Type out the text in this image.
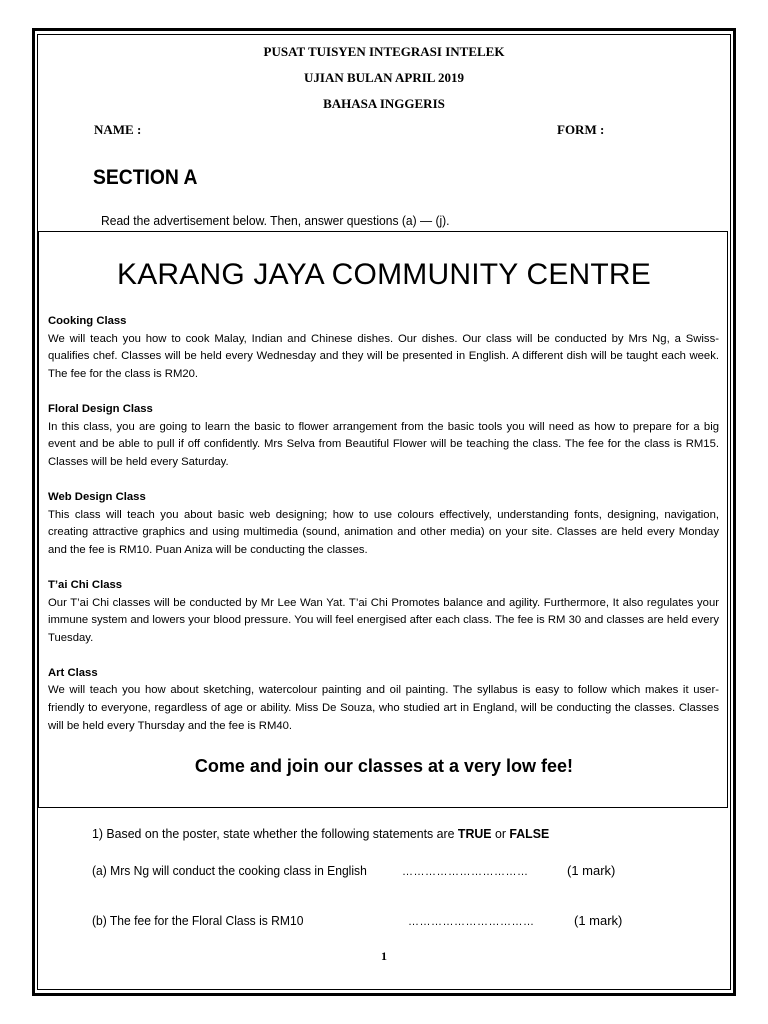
PUSAT TUISYEN INTEGRASI INTELEK
UJIAN BULAN APRIL 2019
BAHASA INGGERIS
NAME :	FORM :
SECTION A
Read the advertisement below. Then, answer questions (a) — (j).
KARANG JAYA COMMUNITY CENTRE
Cooking Class
We will teach you how to cook Malay, Indian and Chinese dishes. Our dishes. Our class will be conducted by Mrs Ng, a Swiss-qualifies chef. Classes will be held every Wednesday and they will be presented in English. A different dish will be taught each week. The fee for the class is RM20.
Floral Design Class
In this class, you are going to learn the basic to flower arrangement from the basic tools you will need as how to prepare for a big event and be able to pull if off confidently. Mrs Selva from Beautiful Flower will be teaching the class. The fee for the class is RM15. Classes will be held every Saturday.
Web Design Class
This class will teach you about basic web designing; how to use colours effectively, understanding fonts, designing, navigation, creating attractive graphics and using multimedia (sound, animation and other media) on your site. Classes are held every Monday and the fee is RM10. Puan Aniza will be conducting the classes.
T’ai Chi Class
Our T’ai Chi classes will be conducted by Mr Lee Wan Yat. T’ai Chi Promotes balance and agility. Furthermore, It also regulates your immune system and lowers your blood pressure. You will feel energised after each class. The fee is RM 30 and classes are held every Tuesday.
Art Class
We will teach you how about sketching, watercolour painting and oil painting. The syllabus is easy to follow which makes it user-friendly to everyone, regardless of age or ability. Miss De Souza, who studied art in England, will be conducting the classes. Classes will be held every Thursday and the fee is RM40.
Come and join our classes at a very low fee!
1) Based on the poster, state whether the following statements are TRUE or FALSE
(a) Mrs Ng will conduct the cooking class in English	……………………………	(1 mark)
(b) The fee for the Floral Class is RM10	……………………………	(1 mark)
1
